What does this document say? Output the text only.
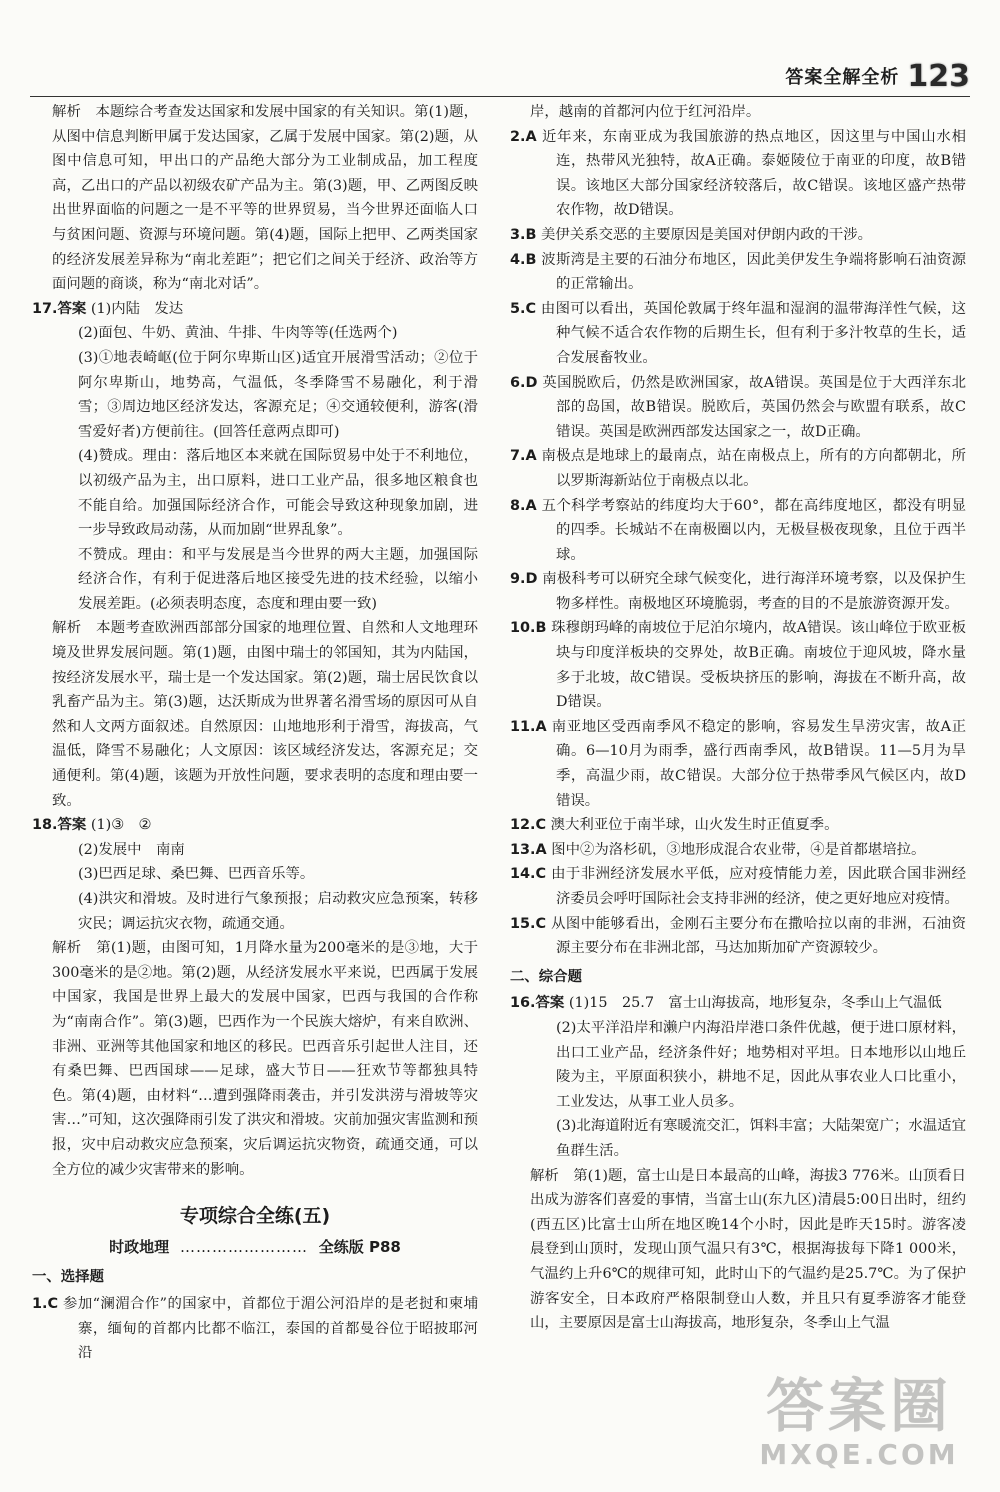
答案全解全析 123

解析　本题综合考查发达国家和发展中国家的有关知识。第(1)题，从图中信息判断甲属于发达国家，乙属于发展中国家。第(2)题，从图中信息可知，甲出口的产品绝大部分为工业制成品，加工程度高，乙出口的产品以初级农矿产品为主。第(3)题，甲、乙两图反映出世界面临的问题之一是不平等的世界贸易，当今世界还面临人口与贫困问题、资源与环境问题。第(4)题，国际上把甲、乙两类国家的经济发展差异称为“南北差距”；把它们之间关于经济、政治等方面问题的商谈，称为“南北对话”。

17.答案 (1)内陆　发达

(2)面包、牛奶、黄油、牛排、牛肉等等(任选两个)

(3)①地表崎岖(位于阿尔卑斯山区)适宜开展滑雪活动；②位于阿尔卑斯山，地势高，气温低，冬季降雪不易融化，利于滑雪；③周边地区经济发达，客源充足；④交通较便利，游客(滑雪爱好者)方便前往。(回答任意两点即可)

(4)赞成。理由：落后地区本来就在国际贸易中处于不利地位，以初级产品为主，出口原料，进口工业产品，很多地区粮食也不能自给。加强国际经济合作，可能会导致这种现象加剧，进一步导致政局动荡，从而加剧“世界乱象”。

不赞成。理由：和平与发展是当今世界的两大主题，加强国际经济合作，有利于促进落后地区接受先进的技术经验，以缩小发展差距。(必须表明态度，态度和理由要一致)

解析　本题考查欧洲西部部分国家的地理位置、自然和人文地理环境及世界发展问题。第(1)题，由图中瑞士的邻国知，其为内陆国，按经济发展水平，瑞士是一个发达国家。第(2)题，瑞士居民饮食以乳畜产品为主。第(3)题，达沃斯成为世界著名滑雪场的原因可从自然和人文两方面叙述。自然原因：山地地形利于滑雪，海拔高，气温低，降雪不易融化；人文原因：该区域经济发达，客源充足；交通便利。第(4)题，该题为开放性问题，要求表明的态度和理由要一致。

18.答案 (1)③　②

(2)发展中　南南

(3)巴西足球、桑巴舞、巴西音乐等。

(4)洪灾和滑坡。及时进行气象预报；启动救灾应急预案，转移灾民；调运抗灾衣物，疏通交通。

解析　第(1)题，由图可知，1月降水量为200毫米的是③地，大于300毫米的是②地。第(2)题，从经济发展水平来说，巴西属于发展中国家，我国是世界上最大的发展中国家，巴西与我国的合作称为“南南合作”。第(3)题，巴西作为一个民族大熔炉，有来自欧洲、非洲、亚洲等其他国家和地区的移民。巴西音乐引起世人注目，还有桑巴舞、巴西国球——足球，盛大节日——狂欢节等都独具特色。第(4)题，由材料“…遭到强降雨袭击，并引发洪涝与滑坡等灾害…”可知，这次强降雨引发了洪灾和滑坡。灾前加强灾害监测和预报，灾中启动救灾应急预案，灾后调运抗灾物资，疏通交通，可以全方位的减少灾害带来的影响。

专项综合全练(五)
时政地理 …………………… 全练版 P88
一、选择题

1.C 参加“澜湄合作”的国家中，首都位于湄公河沿岸的是老挝和柬埔寨，缅甸的首都内比都不临江，泰国的首都曼谷位于昭披耶河沿

岸，越南的首都河内位于红河沿岸。

2.A 近年来，东南亚成为我国旅游的热点地区，因这里与中国山水相连，热带风光独特，故A正确。泰姬陵位于南亚的印度，故B错误。该地区大部分国家经济较落后，故C错误。该地区盛产热带农作物，故D错误。

3.B 美伊关系交恶的主要原因是美国对伊朗内政的干涉。

4.B 波斯湾是主要的石油分布地区，因此美伊发生争端将影响石油资源的正常输出。

5.C 由图可以看出，英国伦敦属于终年温和湿润的温带海洋性气候，这种气候不适合农作物的后期生长，但有利于多汁牧草的生长，适合发展畜牧业。

6.D 英国脱欧后，仍然是欧洲国家，故A错误。英国是位于大西洋东北部的岛国，故B错误。脱欧后，英国仍然会与欧盟有联系，故C错误。英国是欧洲西部发达国家之一，故D正确。

7.A 南极点是地球上的最南点，站在南极点上，所有的方向都朝北，所以罗斯海新站位于南极点以北。

8.A 五个科学考察站的纬度均大于60°，都在高纬度地区，都没有明显的四季。长城站不在南极圈以内，无极昼极夜现象，且位于西半球。

9.D 南极科考可以研究全球气候变化，进行海洋环境考察，以及保护生物多样性。南极地区环境脆弱，考查的目的不是旅游资源开发。

10.B 珠穆朗玛峰的南坡位于尼泊尔境内，故A错误。该山峰位于欧亚板块与印度洋板块的交界处，故B正确。南坡位于迎风坡，降水量多于北坡，故C错误。受板块挤压的影响，海拔在不断升高，故D错误。

11.A 南亚地区受西南季风不稳定的影响，容易发生旱涝灾害，故A正确。6—10月为雨季，盛行西南季风，故B错误。11—5月为旱季，高温少雨，故C错误。大部分位于热带季风气候区内，故D错误。

12.C 澳大利亚位于南半球，山火发生时正值夏季。

13.A 图中②为洛杉矶，③地形成混合农业带，④是首都堪培拉。

14.C 由于非洲经济发展水平低，应对疫情能力差，因此联合国非洲经济委员会呼吁国际社会支持非洲的经济，使之更好地应对疫情。

15.C 从图中能够看出，金刚石主要分布在撒哈拉以南的非洲，石油资源主要分布在非洲北部，马达加斯加矿产资源较少。

二、综合题
16.答案 (1)15　25.7　富士山海拔高，地形复杂，冬季山上气温低

(2)太平洋沿岸和濑户内海沿岸港口条件优越，便于进口原材料，出口工业产品，经济条件好；地势相对平坦。日本地形以山地丘陵为主，平原面积狭小，耕地不足，因此从事农业人口比重小，工业发达，从事工业人员多。

(3)北海道附近有寒暖流交汇，饵料丰富；大陆架宽广；水温适宜鱼群生活。

解析　第(1)题，富士山是日本最高的山峰，海拔3 776米。山顶看日出成为游客们喜爱的事情，当富士山(东九区)清晨5:00日出时，纽约(西五区)比富士山所在地区晚14个小时，因此是昨天15时。游客凌晨登到山顶时，发现山顶气温只有3℃，根据海拔每下降1 000米，气温约上升6℃的规律可知，此时山下的气温约是25.7℃。为了保护游客安全，日本政府严格限制登山人数，并且只有夏季游客才能登山，主要原因是富士山海拔高，地形复杂，冬季山上气温

答案圈
MXQE.COM
